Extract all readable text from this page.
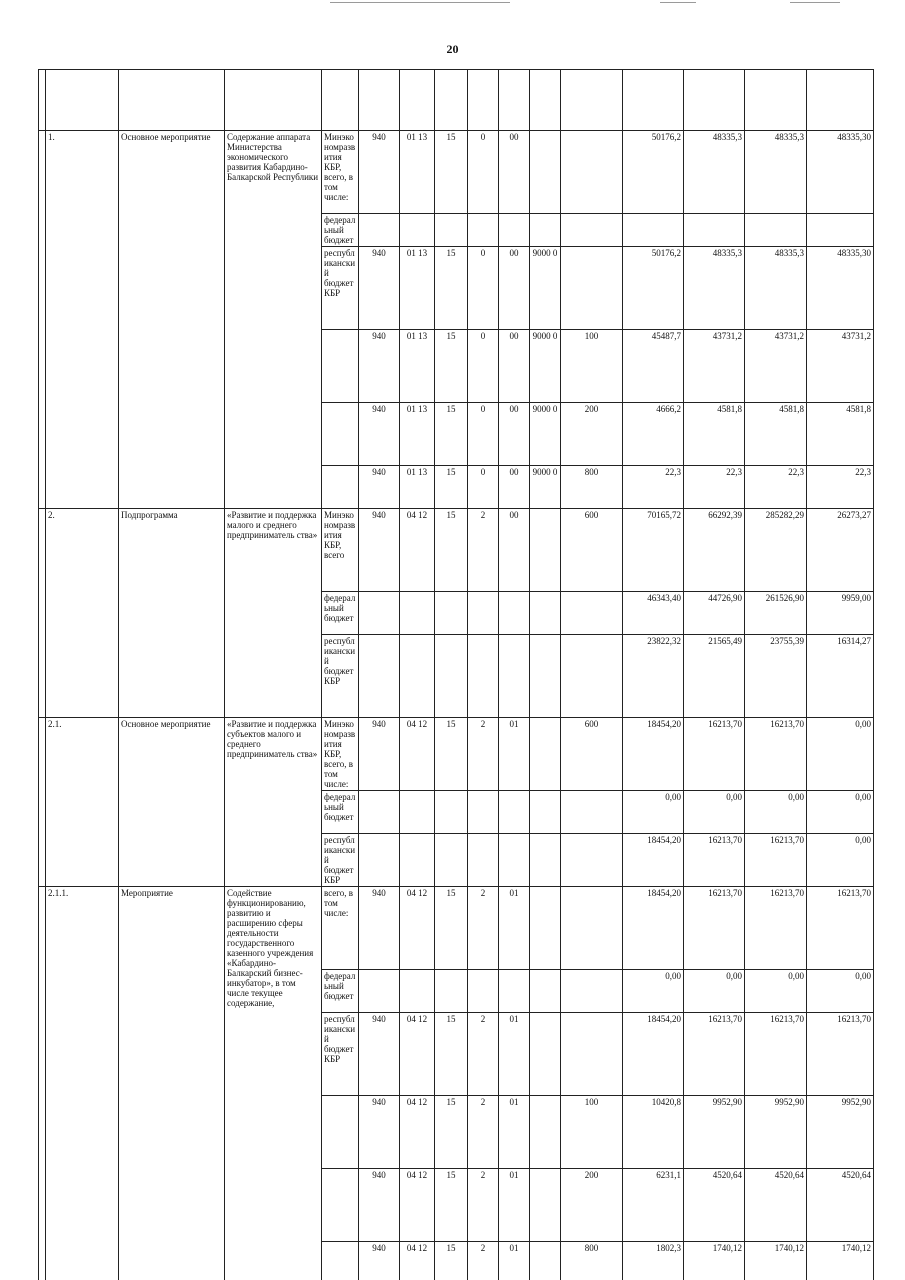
20

	1.	Основное мероприятие	Содержание аппарата Министерства экономического развития Кабардино-Балкарской Республики	Минэкономразвития КБР, всего, в том числе:	940	01 13	15	0	00			50176,2	48335,3	48335,3	48335,30	
				федеральный бюджет												
				республиканский бюджет КБР	940	01 13	15	0	00	9000 0		50176,2	48335,3	48335,3	48335,30	
					940	01 13	15	0	00	9000 0	100	45487,7	43731,2	43731,2	43731,2	
					940	01 13	15	0	00	9000 0	200	4666,2	4581,8	4581,8	4581,8	
					940	01 13	15	0	00	9000 0	800	22,3	22,3	22,3	22,3	
	2.	Подпрограмма	«Развитие и поддержка малого и среднего предприниматель ства»	Минэкономразвития КБР, всего	940	04 12	15	2	00		600	70165,72	66292,39	285282,29	26273,27	
				федеральный бюджет								46343,40	44726,90	261526,90	9959,00	
				республиканский бюджет КБР								23822,32	21565,49	23755,39	16314,27	
	2.1.	Основное мероприятие	«Развитие и поддержка субъектов малого и среднего предприниматель ства»	Минэкономразвития КБР, всего, в том числе:	940	04 12	15	2	01		600	18454,20	16213,70	16213,70	0,00	
				федеральный бюджет								0,00	0,00	0,00	0,00	
				республиканский бюджет КБР								18454,20	16213,70	16213,70	0,00	
	2.1.1.	Мероприятие	Содействие функционированию, развитию и расширению сферы деятельности государственного казенного учреждения «Кабардино-Балкарский бизнес-инкубатор», в том числе текущее содержание,	всего, в том числе:	940	04 12	15	2	01			18454,20	16213,70	16213,70	16213,70	
				федеральный бюджет								0,00	0,00	0,00	0,00	
				республиканский бюджет КБР	940	04 12	15	2	01			18454,20	16213,70	16213,70	16213,70	
					940	04 12	15	2	01		100	10420,8	9952,90	9952,90	9952,90	
					940	04 12	15	2	01		200	6231,1	4520,64	4520,64	4520,64	
					940	04 12	15	2	01		800	1802,3	1740,12	1740,12	1740,12	
